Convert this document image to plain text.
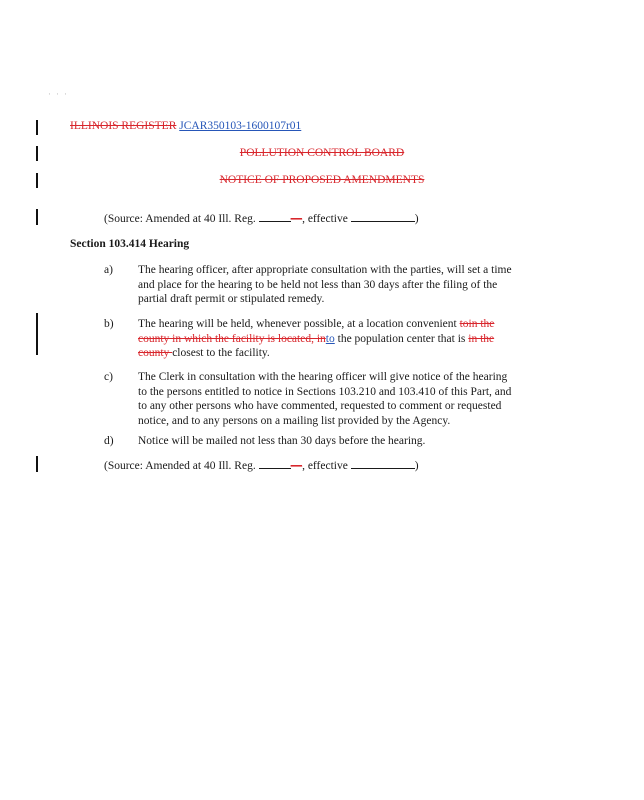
···
ILLINOIS REGISTER JCAR350103-1600107r01
POLLUTION CONTROL BOARD
NOTICE OF PROPOSED AMENDMENTS
(Source: Amended at 40 Ill. Reg.	—, effective	)
Section 103.414 Hearing
a) The hearing officer, after appropriate consultation with the parties, will set a time
and place for the hearing to be held not less than 30 days after the filing of the
partial draft permit or stipulated remedy.
b) The hearing will be held, whenever possible, at a location convenient toin the
county in which the facility is located, into the population center that is in the
county closest to the facility.
c) The Clerk in consultation with the hearing officer will give notice of the hearing
to the persons entitled to notice in Sections 103.210 and 103.410 of this Part, and
to any other persons who have commented, requested to comment or requested
notice, and to any persons on a mailing list provided by the Agency.
d) Notice will be mailed not less than 30 days before the hearing.
(Source: Amended at 40 Ill. Reg.	—, effective	)
